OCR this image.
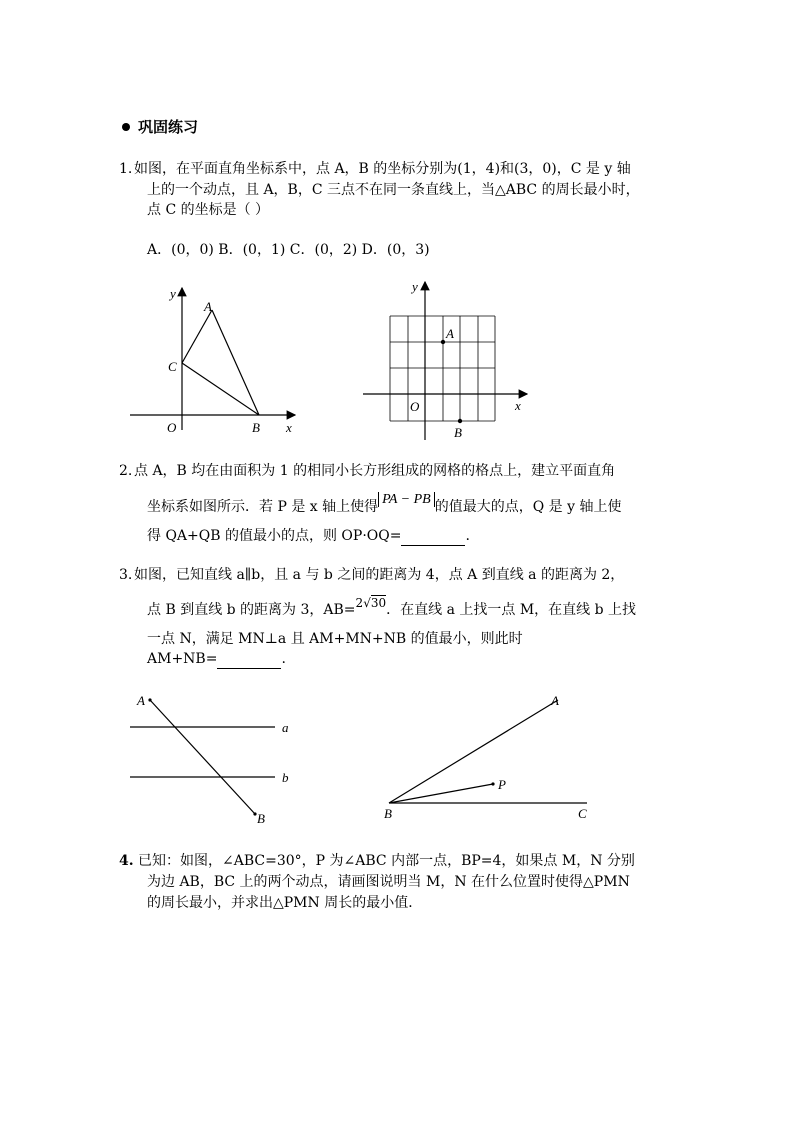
巩固练习
1. 如图，在平面直角坐标系中，点 A，B 的坐标分别为(1，4)和(3，0)，C 是 y 轴
上的一个动点，且 A，B，C 三点不在同一条直线上，当△ABC 的周长最小时，
点 C 的坐标是（ ）
A．(0，0) B．(0，1) C．(0，2) D．(0，3)
y
A
C
O	B x
y
A
O	x
B
2. 点 A，B 均在由面积为 1 的相同小长方形组成的网格的格点上，建立平面直角
坐标系如图所示．若 P 是 x 轴上使得 PA − PB 的值最大的点，Q 是 y 轴上使
得 QA+QB 的值最小的点，则 OP·OQ=	.
3. 如图，已知直线 a∥b，且 a 与 b 之间的距离为 4，点 A 到直线 a 的距离为 2，
点 B 到直线 b 的距离为 3，AB=2√30．在直线 a 上找一点 M，在直线 b 上找
一点 N，满足 MN⊥a 且 AM+MN+NB 的值最小，则此时
AM+NB=	.
A
a
b
B
A
P
B	C
4. 已知：如图，∠ABC=30°，P 为∠ABC 内部一点，BP=4，如果点 M，N 分别
为边 AB，BC 上的两个动点，请画图说明当 M，N 在什么位置时使得△PMN
的周长最小，并求出△PMN 周长的最小值．
